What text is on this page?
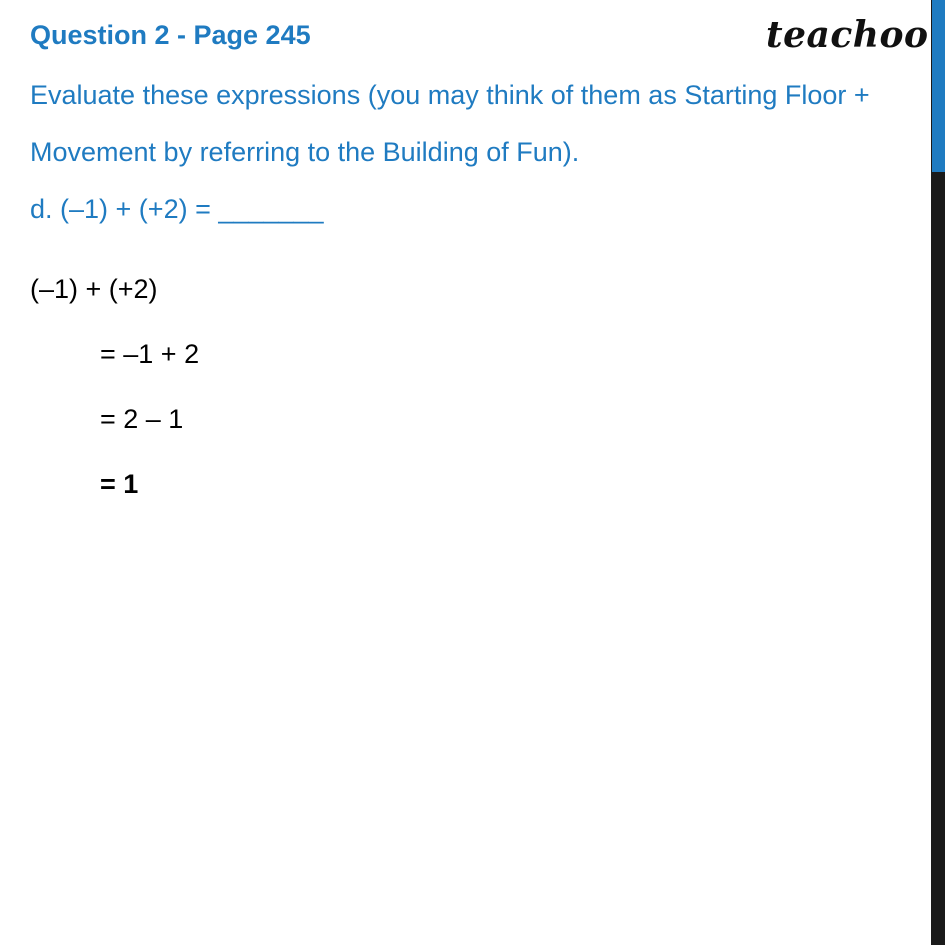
Question 2 - Page 245	teachoo
Evaluate these expressions (you may think of them as Starting Floor +
Movement by referring to the Building of Fun).
d. (–1) + (+2) = _______
(–1) + (+2)
= –1 + 2
= 2 – 1
= 1
